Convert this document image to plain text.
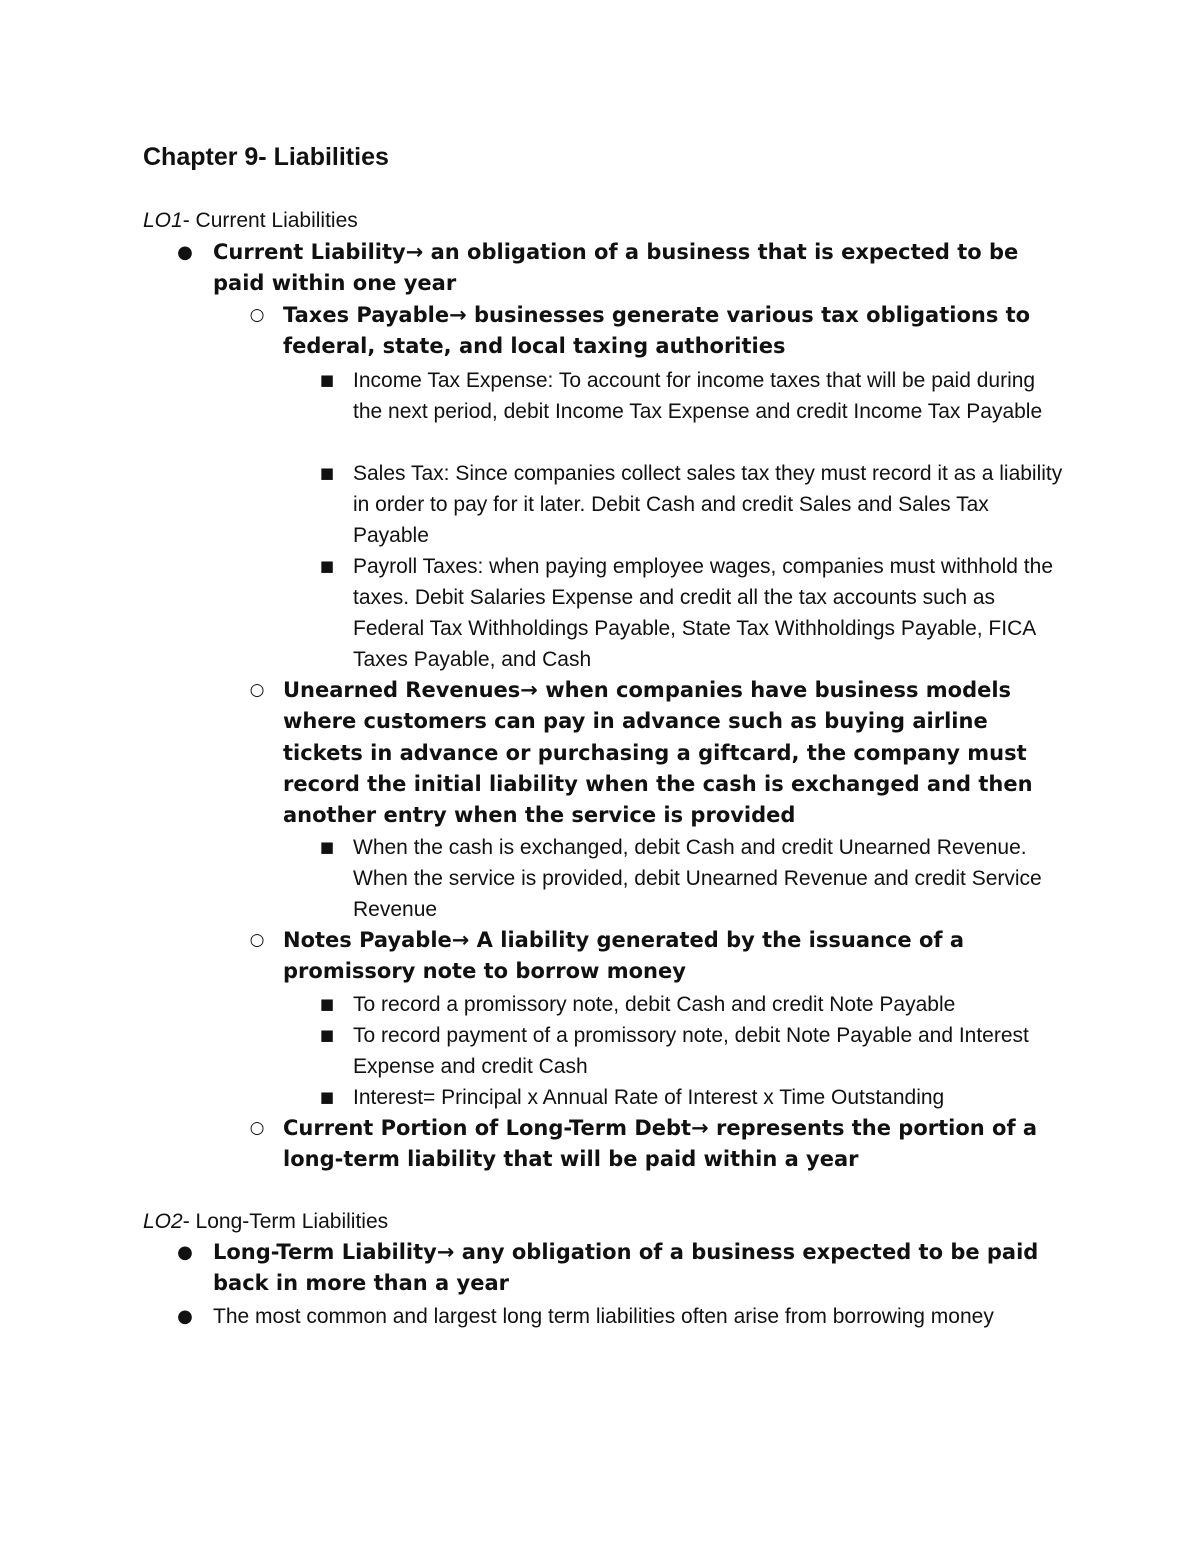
Chapter 9- Liabilities

LO1- Current Liabilities

● Current Liability→ an obligation of a business that is expected to be paid within one year
○ Taxes Payable→ businesses generate various tax obligations to federal, state, and local taxing authorities
■ Income Tax Expense: To account for income taxes that will be paid during the next period, debit Income Tax Expense and credit Income Tax Payable
■ Sales Tax: Since companies collect sales tax they must record it as a liability in order to pay for it later. Debit Cash and credit Sales and Sales Tax Payable
■ Payroll Taxes: when paying employee wages, companies must withhold the taxes. Debit Salaries Expense and credit all the tax accounts such as Federal Tax Withholdings Payable, State Tax Withholdings Payable, FICA Taxes Payable, and Cash
○ Unearned Revenues→ when companies have business models where customers can pay in advance such as buying airline tickets in advance or purchasing a giftcard, the company must record the initial liability when the cash is exchanged and then another entry when the service is provided
■ When the cash is exchanged, debit Cash and credit Unearned Revenue. When the service is provided, debit Unearned Revenue and credit Service Revenue
○ Notes Payable→ A liability generated by the issuance of a promissory note to borrow money
■ To record a promissory note, debit Cash and credit Note Payable
■ To record payment of a promissory note, debit Note Payable and Interest Expense and credit Cash
■ Interest= Principal x Annual Rate of Interest x Time Outstanding
○ Current Portion of Long-Term Debt→ represents the portion of a long-term liability that will be paid within a year

LO2- Long-Term Liabilities

● Long-Term Liability→ any obligation of a business expected to be paid back in more than a year
● The most common and largest long term liabilities often arise from borrowing money
